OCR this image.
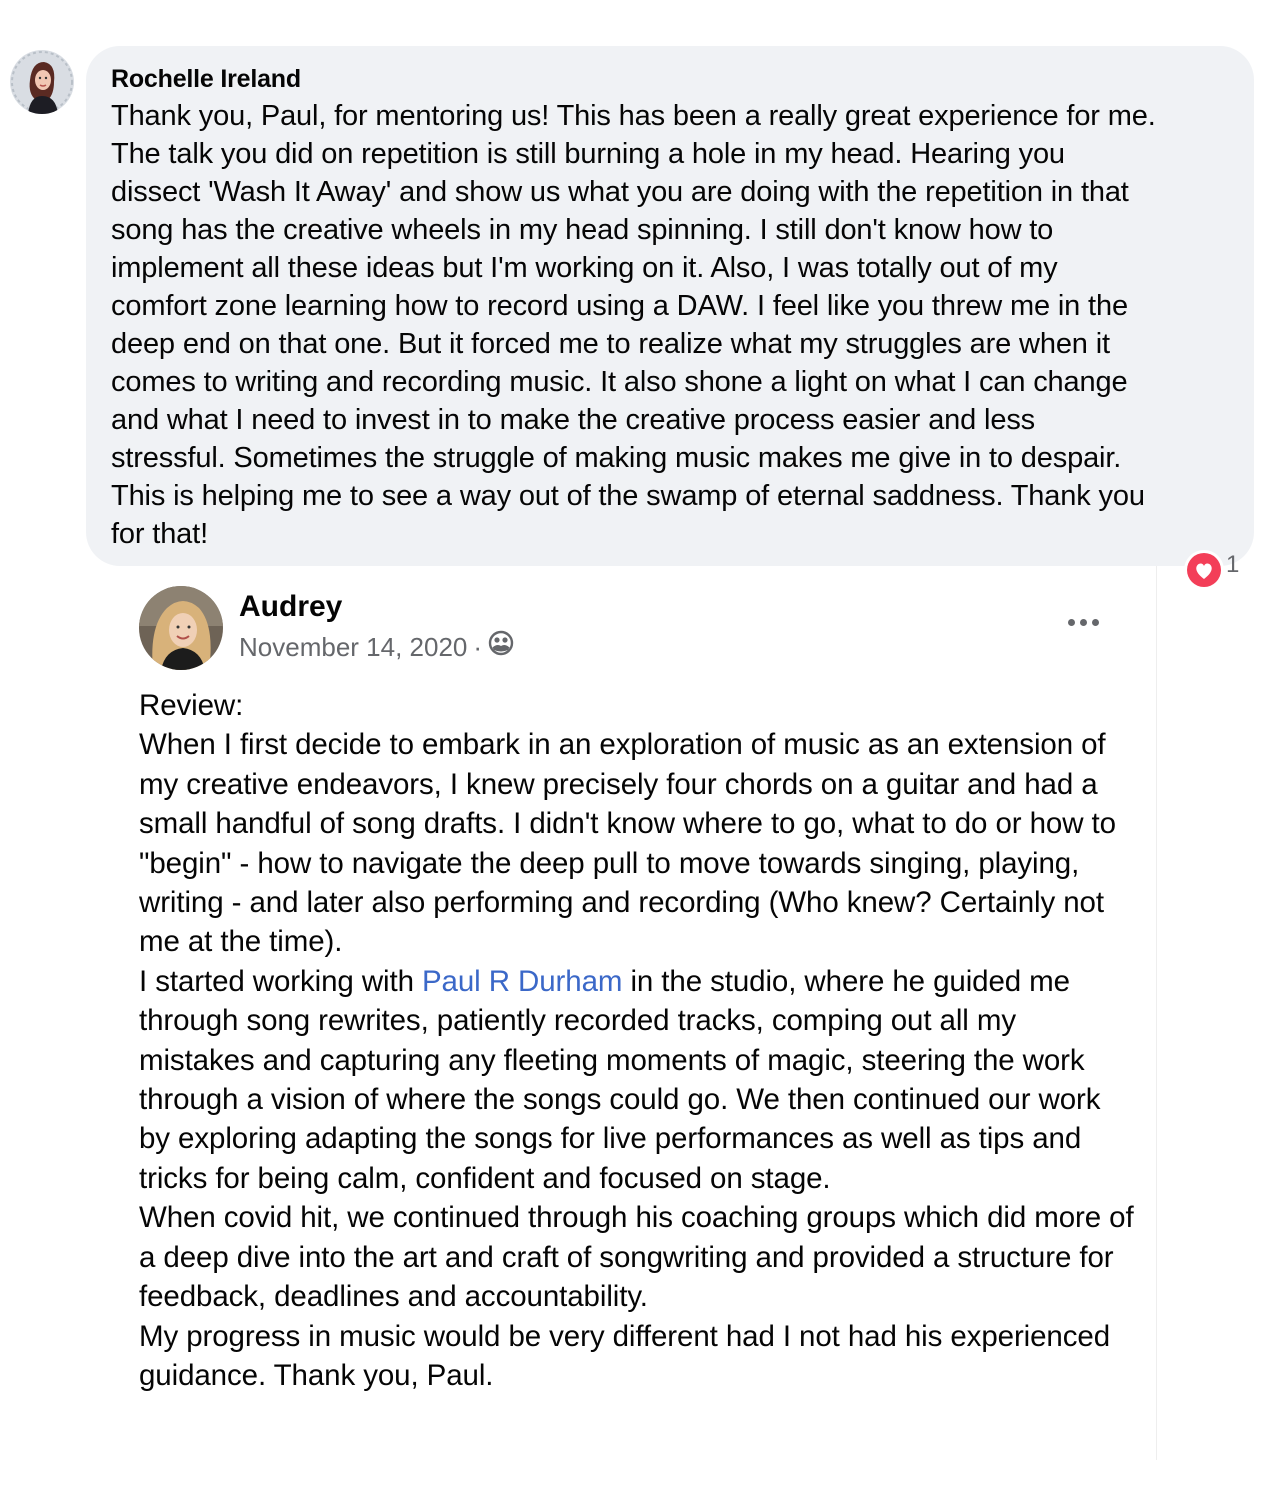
Rochelle Ireland

Thank you, Paul, for mentoring us! This has been a really great experience for me.
The talk you did on repetition is still burning a hole in my head. Hearing you
dissect 'Wash It Away' and show us what you are doing with the repetition in that
song has the creative wheels in my head spinning. I still don't know how to
implement all these ideas but I'm working on it. Also, I was totally out of my
comfort zone learning how to record using a DAW. I feel like you threw me in the
deep end on that one. But it forced me to realize what my struggles are when it
comes to writing and recording music. It also shone a light on what I can change
and what I need to invest in to make the creative process easier and less
stressful. Sometimes the struggle of making music makes me give in to despair.
This is helping me to see a way out of the swamp of eternal saddness. Thank you
for that!

1
Audrey
November 14, 2020 ·

Review:

When I first decide to embark in an exploration of music as an extension of my creative endeavors, I knew precisely four chords on a guitar and had a small handful of song drafts. I didn't know where to go, what to do or how to "begin" - how to navigate the deep pull to move towards singing, playing, writing - and later also performing and recording (Who knew? Certainly not me at the time).

I started working with Paul R Durham in the studio, where he guided me through song rewrites, patiently recorded tracks, comping out all my mistakes and capturing any fleeting moments of magic, steering the work through a vision of where the songs could go. We then continued our work by exploring adapting the songs for live performances as well as tips and tricks for being calm, confident and focused on stage.

When covid hit, we continued through his coaching groups which did more of a deep dive into the art and craft of songwriting and provided a structure for feedback, deadlines and accountability.

My progress in music would be very different had I not had his experienced guidance. Thank you, Paul.
